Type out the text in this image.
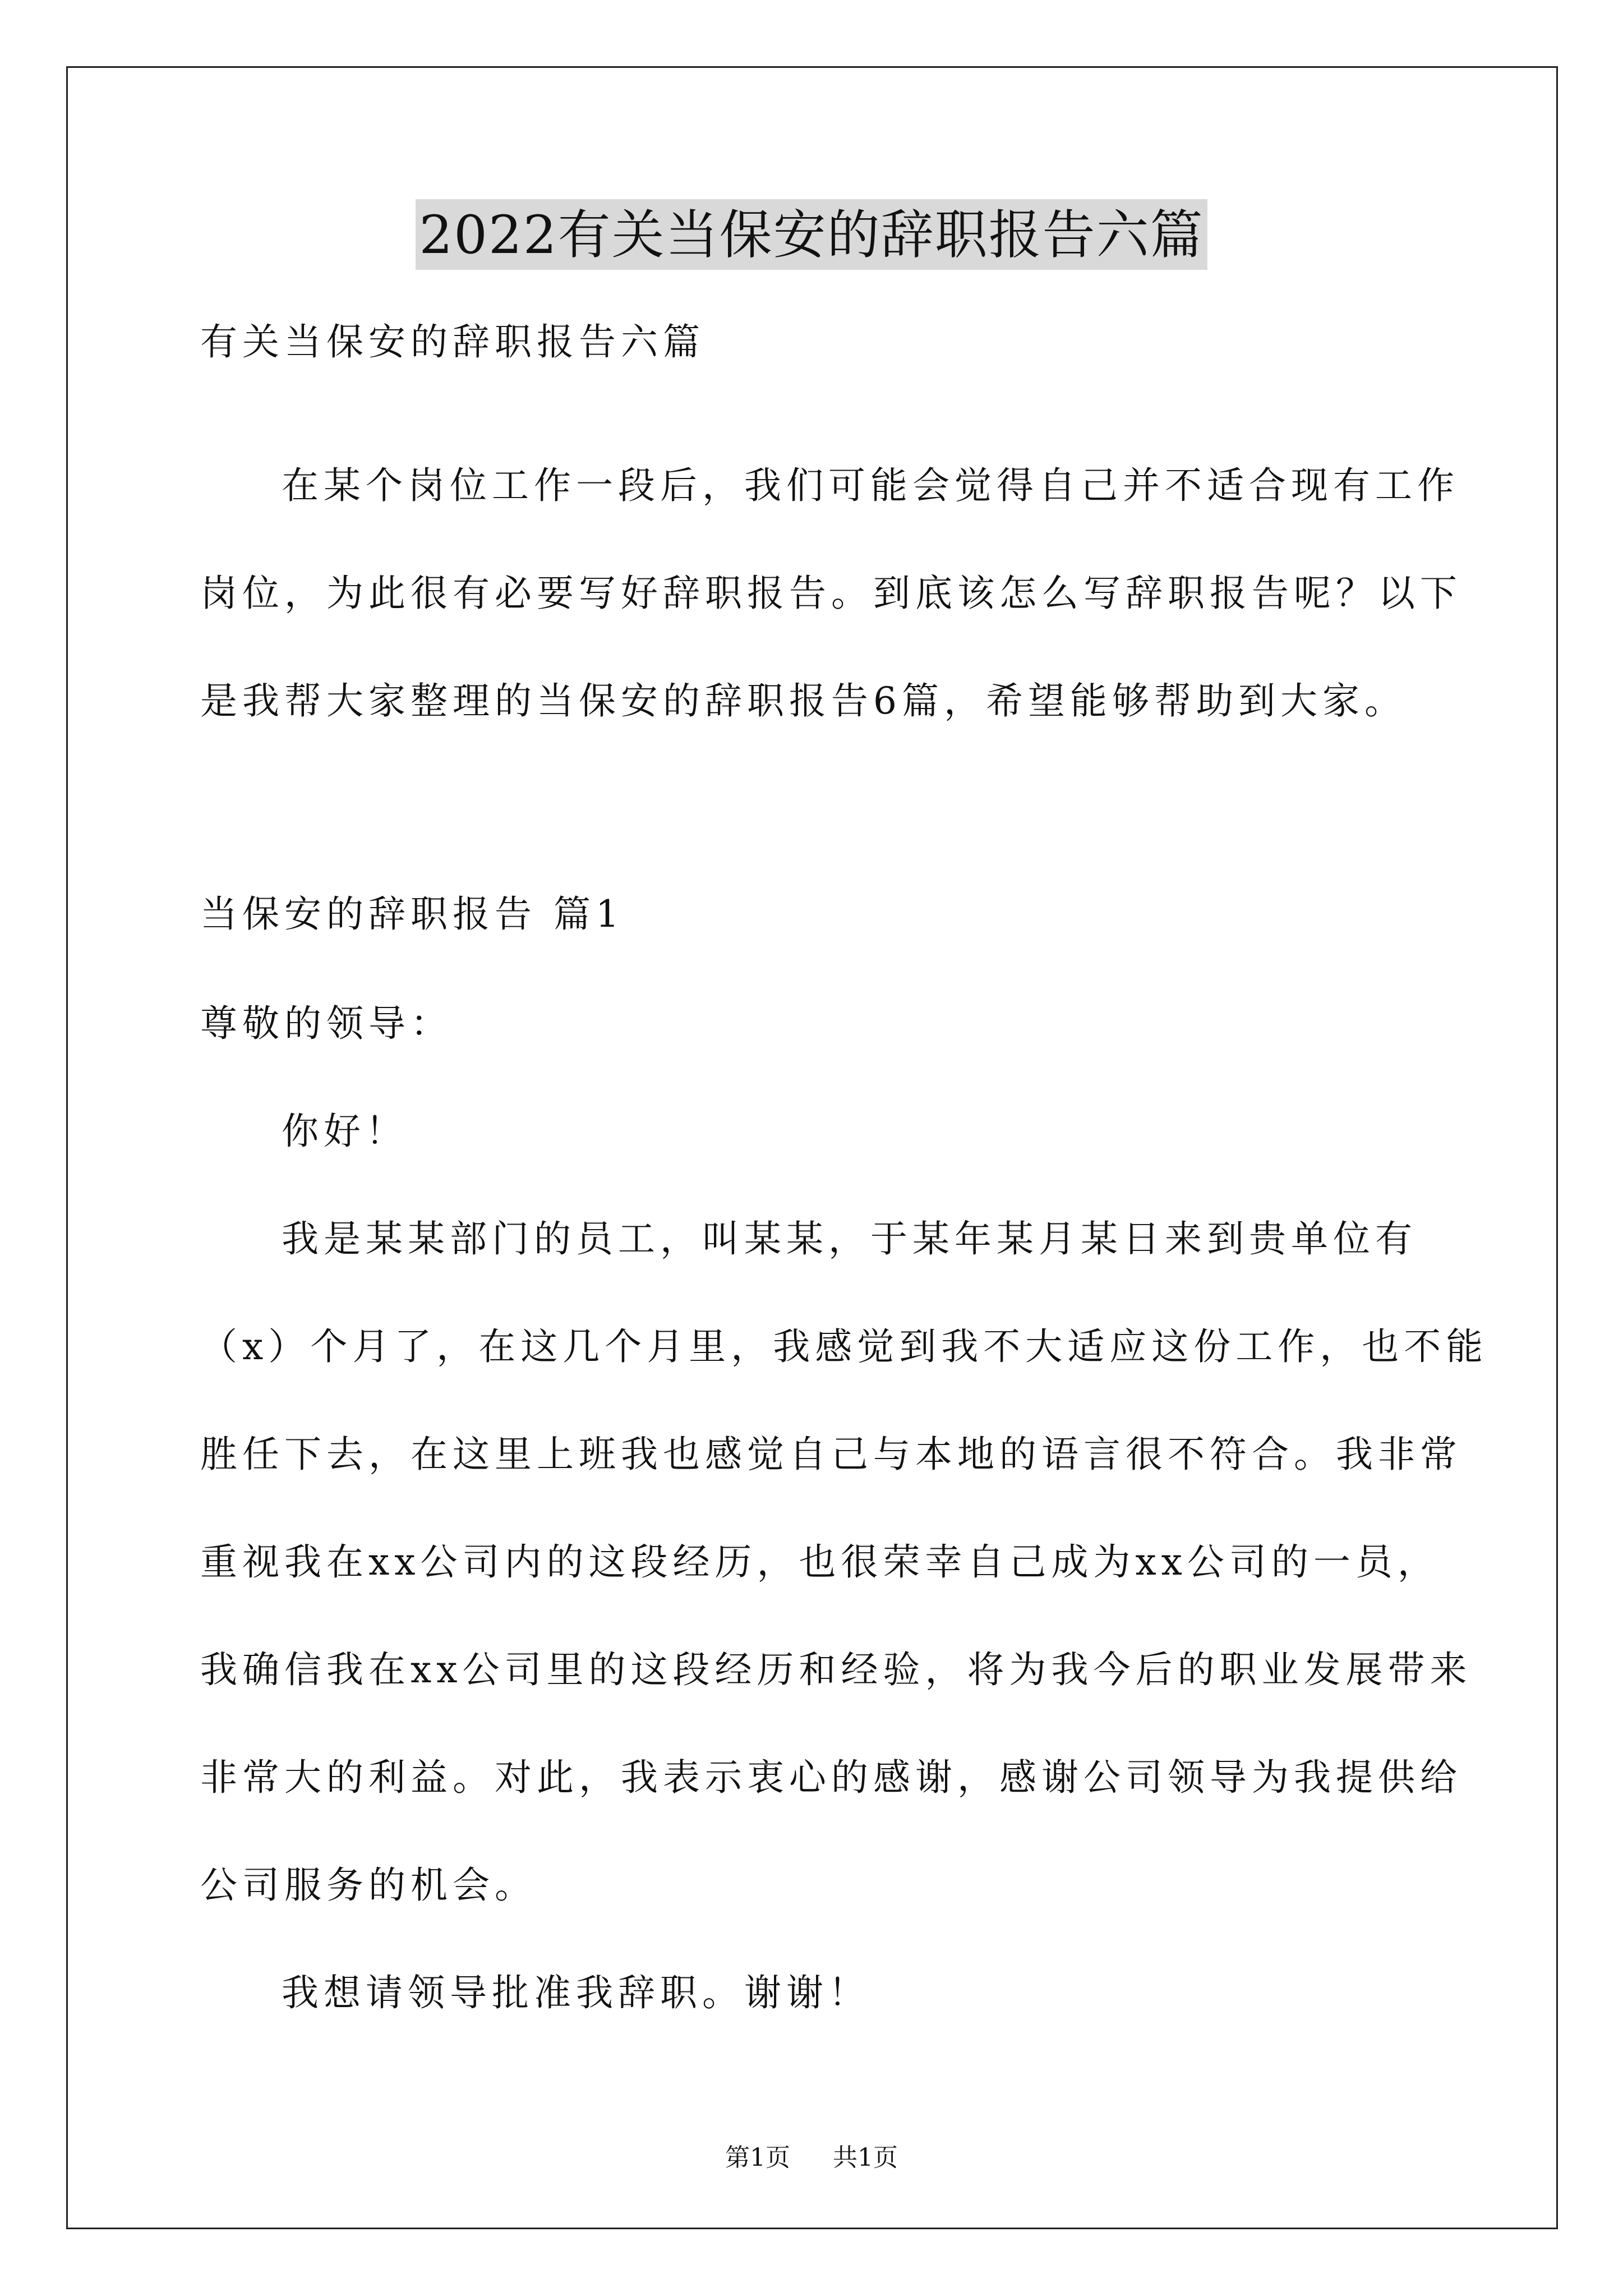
2022有关当保安的辞职报告六篇

有关当保安的辞职报告六篇

在某个岗位工作一段后，我们可能会觉得自己并不适合现有工作

岗位，为此很有必要写好辞职报告。到底该怎么写辞职报告呢？以下

是我帮大家整理的当保安的辞职报告6篇，希望能够帮助到大家。

当保安的辞职报告 篇1

尊敬的领导：

你好！

我是某某部门的员工，叫某某，于某年某月某日来到贵单位有

（x）个月了，在这几个月里，我感觉到我不大适应这份工作，也不能

胜任下去，在这里上班我也感觉自己与本地的语言很不符合。我非常

重视我在xx公司内的这段经历，也很荣幸自己成为xx公司的一员，

我确信我在xx公司里的这段经历和经验，将为我今后的职业发展带来

非常大的利益。对此，我表示衷心的感谢，感谢公司领导为我提供给

公司服务的机会。

我想请领导批准我辞职。谢谢！

第1页 共1页
